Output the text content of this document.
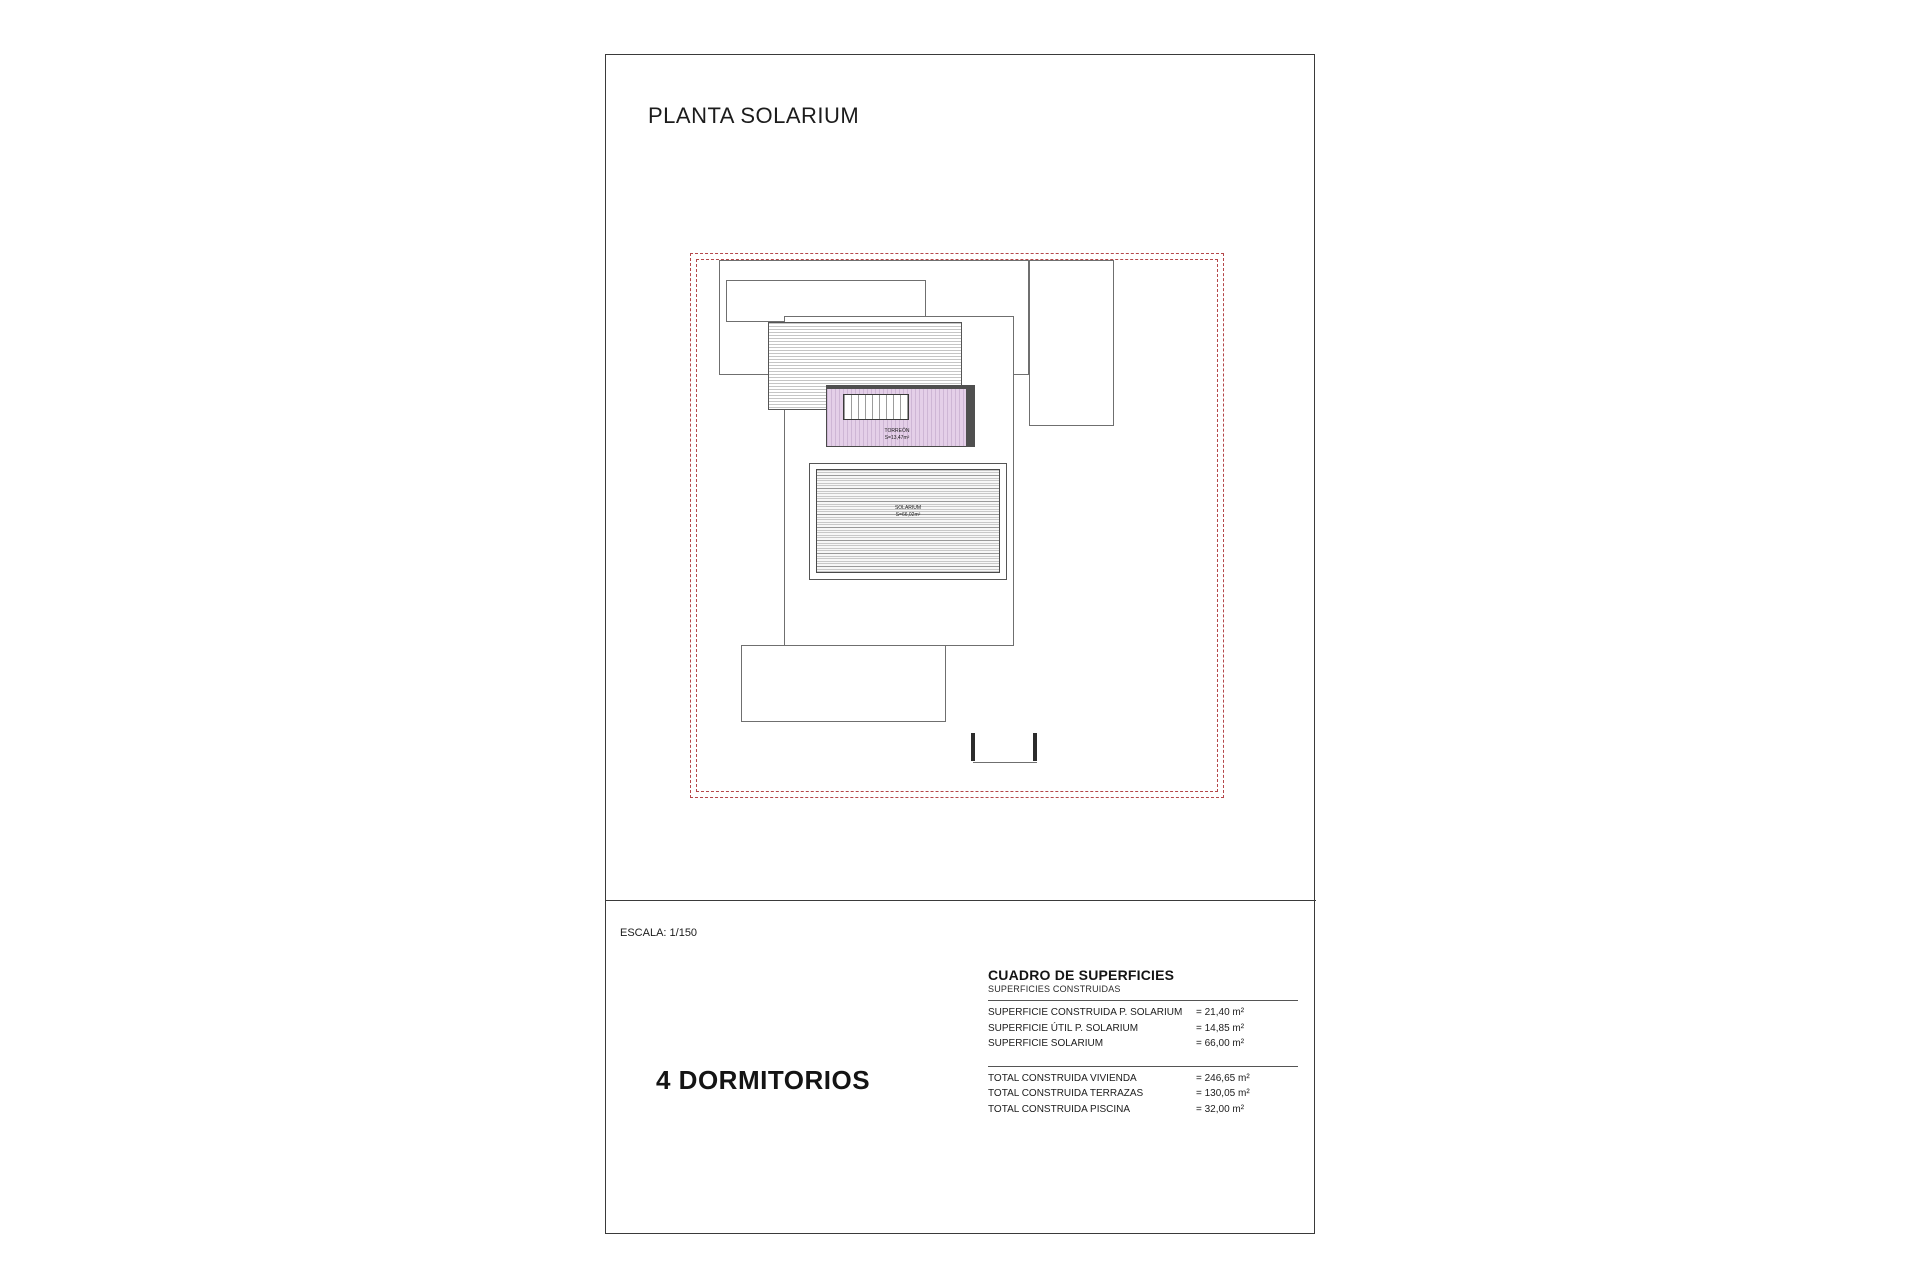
PLANTA SOLARIUM
TORREÓN
S=13,47m²
SOLARIUM
S=66,02m²
ESCALA: 1/150
4 DORMITORIOS
CUADRO DE SUPERFICIES
SUPERFICIES CONSTRUIDAS
SUPERFICIE CONSTRUIDA P. SOLARIUM	= 21,40 m²
SUPERFICIE ÚTIL P. SOLARIUM	= 14,85 m²
SUPERFICIE SOLARIUM	= 66,00 m²
TOTAL CONSTRUIDA VIVIENDA	= 246,65 m²
TOTAL CONSTRUIDA TERRAZAS	= 130,05 m²
TOTAL CONSTRUIDA PISCINA	= 32,00 m²
